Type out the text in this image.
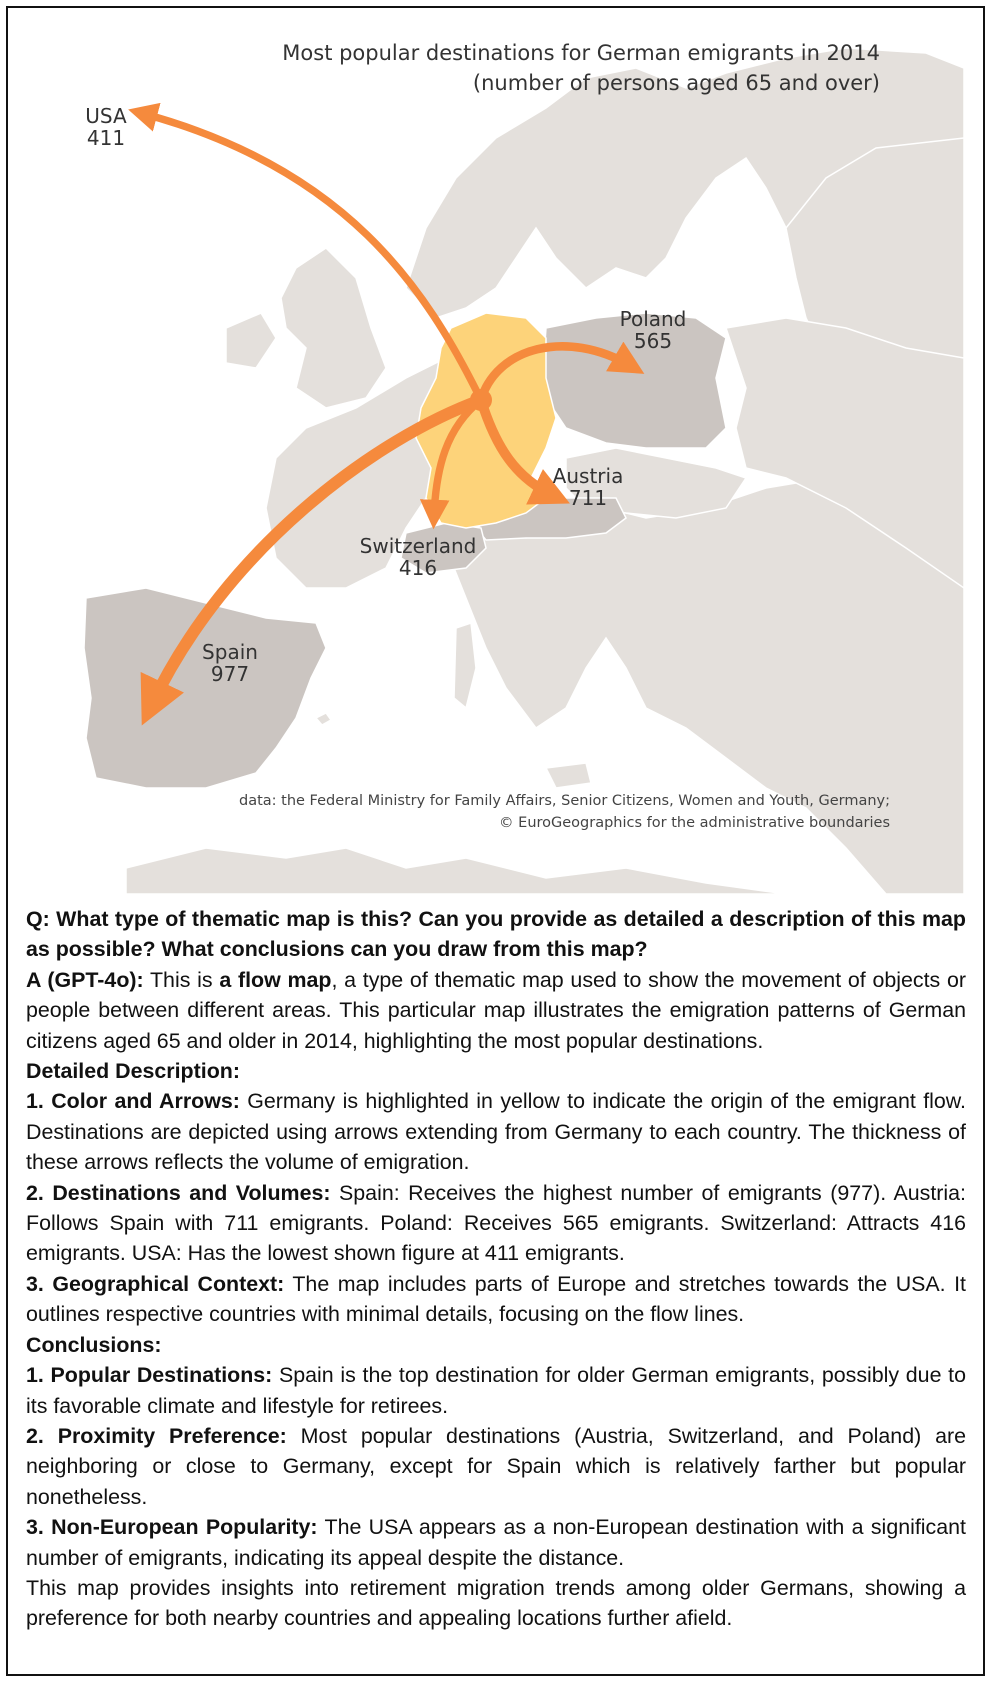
Most popular destinations for German emigrants in 2014
(number of persons aged 65 and over)
USA
411
Poland
565
Austria
711
Switzerland
416
Spain
977
data: the Federal Ministry for Family Affairs, Senior Citizens, Women and Youth, Germany;
© EuroGeographics for the administrative boundaries

Q: What type of thematic map is this? Can you provide as detailed a description of this map as possible? What conclusions can you draw from this map?

A (GPT-4o): This is a flow map, a type of thematic map used to show the movement of objects or people between different areas. This particular map illustrates the emigration patterns of German citizens aged 65 and older in 2014, highlighting the most popular destinations.

Detailed Description:

1. Color and Arrows: Germany is highlighted in yellow to indicate the origin of the emigrant flow. Destinations are depicted using arrows extending from Germany to each country. The thickness of these arrows reflects the volume of emigration.

2. Destinations and Volumes: Spain: Receives the highest number of emigrants (977). Austria: Follows Spain with 711 emigrants. Poland: Receives 565 emigrants. Switzerland: Attracts 416 emigrants. USA: Has the lowest shown figure at 411 emigrants.

3. Geographical Context: The map includes parts of Europe and stretches towards the USA. It outlines respective countries with minimal details, focusing on the flow lines.

Conclusions:

1. Popular Destinations: Spain is the top destination for older German emigrants, possibly due to its favorable climate and lifestyle for retirees.

2. Proximity Preference: Most popular destinations (Austria, Switzerland, and Poland) are neighboring or close to Germany, except for Spain which is relatively farther but popular nonetheless.

3. Non-European Popularity: The USA appears as a non-European destination with a significant number of emigrants, indicating its appeal despite the distance.

This map provides insights into retirement migration trends among older Germans, showing a preference for both nearby countries and appealing locations further afield.
